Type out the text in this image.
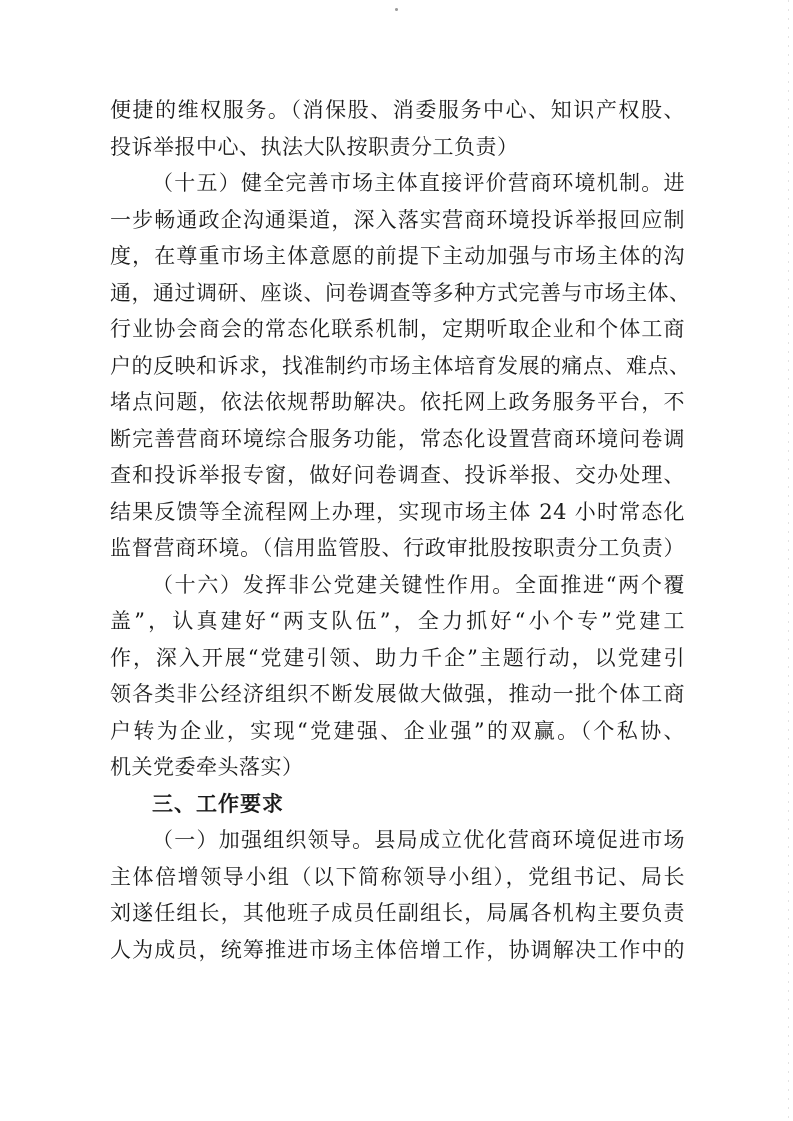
便捷的维权服务。（消保股、消委服务中心、知识产权股、
投诉举报中心、执法大队按职责分工负责）
（十五）健全完善市场主体直接评价营商环境机制。进
一步畅通政企沟通渠道，深入落实营商环境投诉举报回应制
度，在尊重市场主体意愿的前提下主动加强与市场主体的沟
通，通过调研、座谈、问卷调查等多种方式完善与市场主体、
行业协会商会的常态化联系机制，定期听取企业和个体工商
户的反映和诉求，找准制约市场主体培育发展的痛点、难点、
堵点问题，依法依规帮助解决。依托网上政务服务平台，不
断完善营商环境综合服务功能，常态化设置营商环境问卷调
查和投诉举报专窗，做好问卷调查、投诉举报、交办处理、
结果反馈等全流程网上办理，实现市场主体 24 小时常态化
监督营商环境。（信用监管股、行政审批股按职责分工负责）
（十六）发挥非公党建关键性作用。全面推进“两个覆
盖”，认真建好“两支队伍”，全力抓好“小个专”党建工
作，深入开展“党建引领、助力千企”主题行动，以党建引
领各类非公经济组织不断发展做大做强，推动一批个体工商
户转为企业，实现“党建强、企业强”的双赢。（个私协、
机关党委牵头落实）
三、工作要求
（一）加强组织领导。县局成立优化营商环境促进市场
主体倍增领导小组（以下简称领导小组），党组书记、局长
刘遂任组长，其他班子成员任副组长，局属各机构主要负责
人为成员，统筹推进市场主体倍增工作，协调解决工作中的
